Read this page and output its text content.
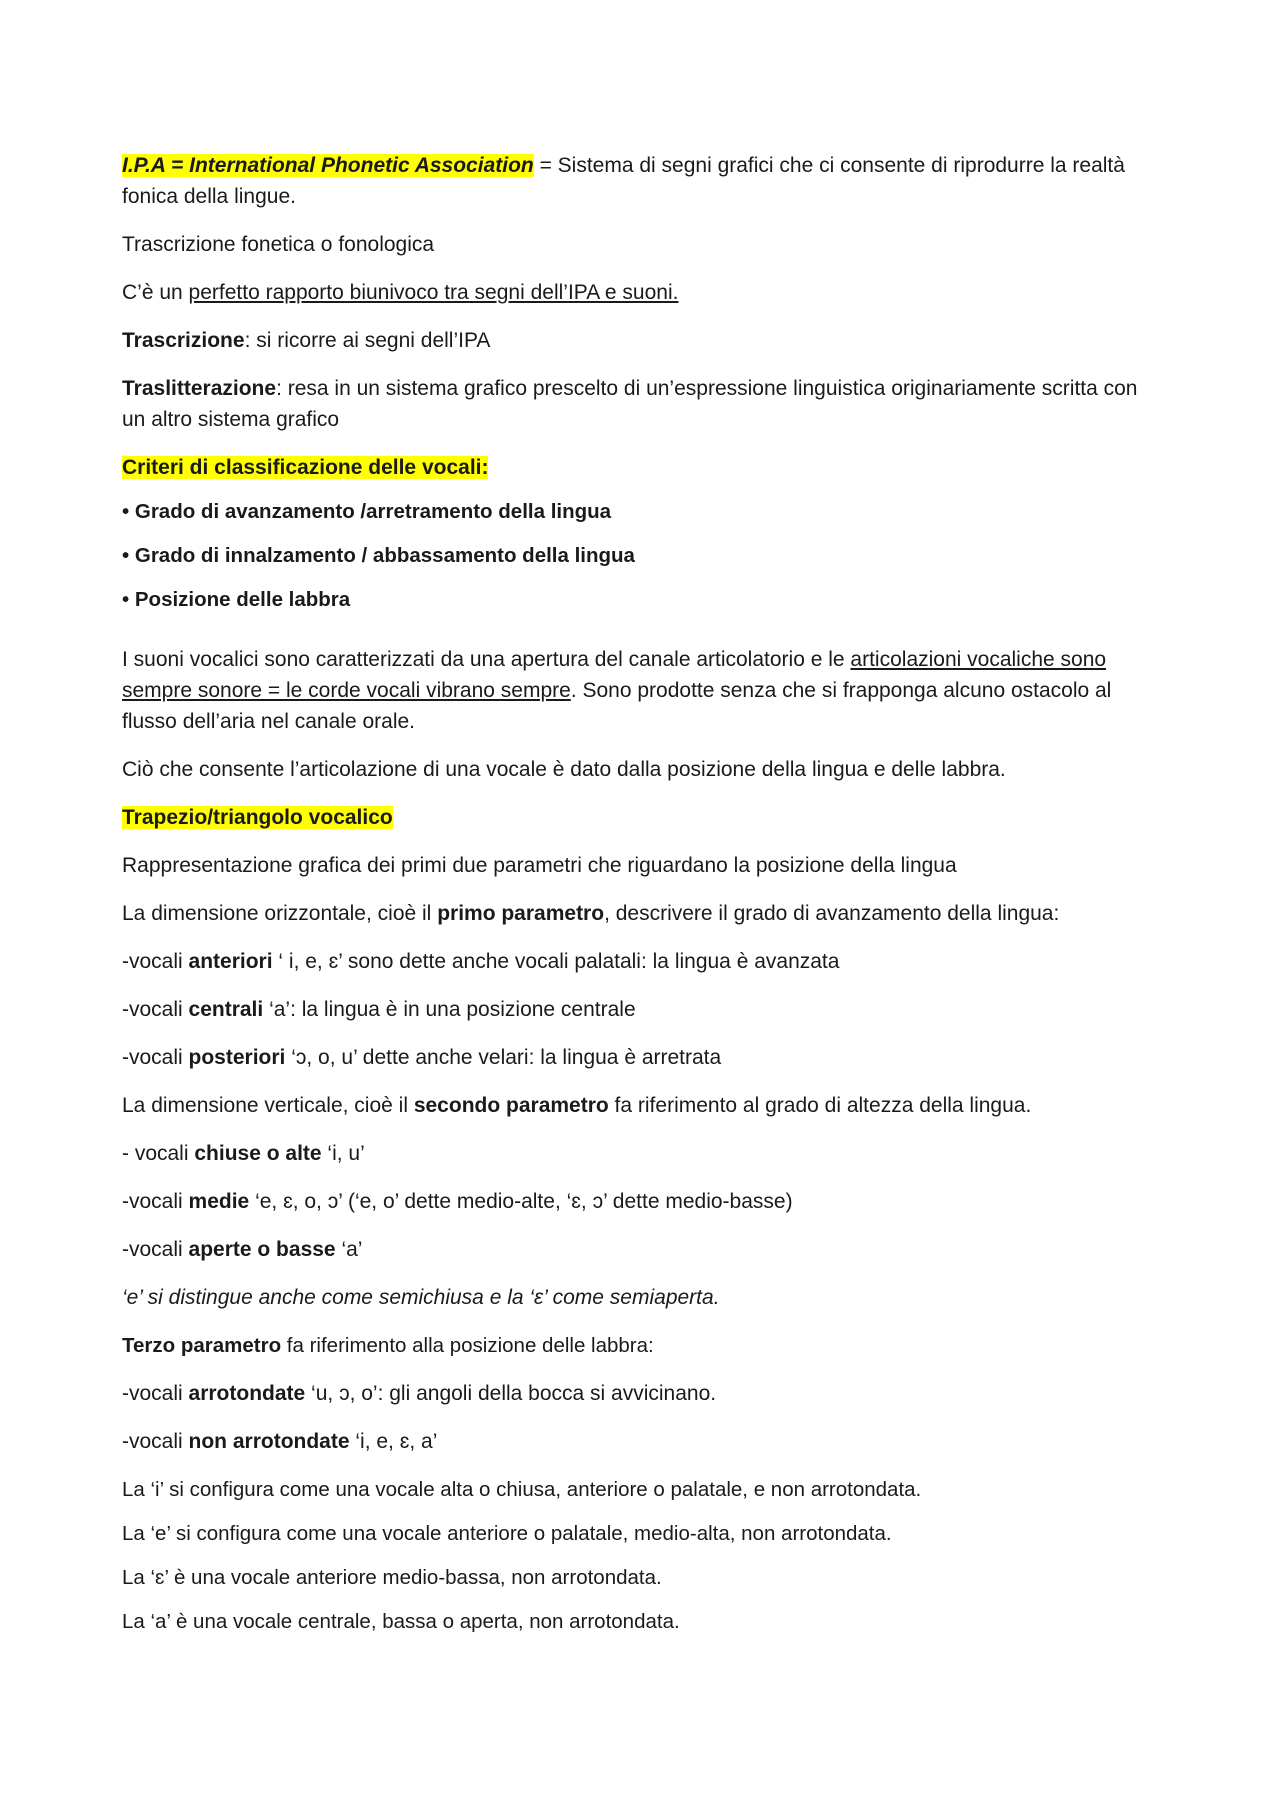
I.P.A = International Phonetic Association = Sistema di segni grafici che ci consente di riprodurre la realtà fonica della lingue.

Trascrizione fonetica o fonologica

C’è un perfetto rapporto biunivoco tra segni dell’IPA e suoni.

Trascrizione: si ricorre ai segni dell’IPA

Traslitterazione: resa in un sistema grafico prescelto di un’espressione linguistica originariamente scritta con un altro sistema grafico

Criteri di classificazione delle vocali:

• Grado di avanzamento /arretramento della lingua

• Grado di innalzamento / abbassamento della lingua

• Posizione delle labbra

I suoni vocalici sono caratterizzati da una apertura del canale articolatorio e le articolazioni vocaliche sono sempre sonore = le corde vocali vibrano sempre. Sono prodotte senza che si frapponga alcuno ostacolo al flusso dell’aria nel canale orale.

Ciò che consente l’articolazione di una vocale è dato dalla posizione della lingua e delle labbra.

Trapezio/triangolo vocalico

Rappresentazione grafica dei primi due parametri che riguardano la posizione della lingua

La dimensione orizzontale, cioè il primo parametro, descrivere il grado di avanzamento della lingua:

-vocali anteriori ‘ i, e, ɛ’ sono dette anche vocali palatali: la lingua è avanzata

-vocali centrali ‘a’: la lingua è in una posizione centrale

-vocali posteriori ‘ɔ, o, u’ dette anche velari: la lingua è arretrata

La dimensione verticale, cioè il secondo parametro fa riferimento al grado di altezza della lingua.

- vocali chiuse o alte ‘i, u’

-vocali medie ‘e, ɛ, o, ɔ’ (‘e, o’ dette medio-alte, ‘ɛ, ɔ’ dette medio-basse)

-vocali aperte o basse ‘a’

‘e’ si distingue anche come semichiusa e la ‘ɛ’ come semiaperta.

Terzo parametro fa riferimento alla posizione delle labbra:

-vocali arrotondate ‘u, ɔ, o’: gli angoli della bocca si avvicinano.

-vocali non arrotondate ‘i, e, ɛ, a’

La ‘i’ si configura come una vocale alta o chiusa, anteriore o palatale, e non arrotondata.

La ‘e’ si configura come una vocale anteriore o palatale, medio-alta, non arrotondata.

La ‘ɛ’ è una vocale anteriore medio-bassa, non arrotondata.

La ‘a’ è una vocale centrale, bassa o aperta, non arrotondata.
